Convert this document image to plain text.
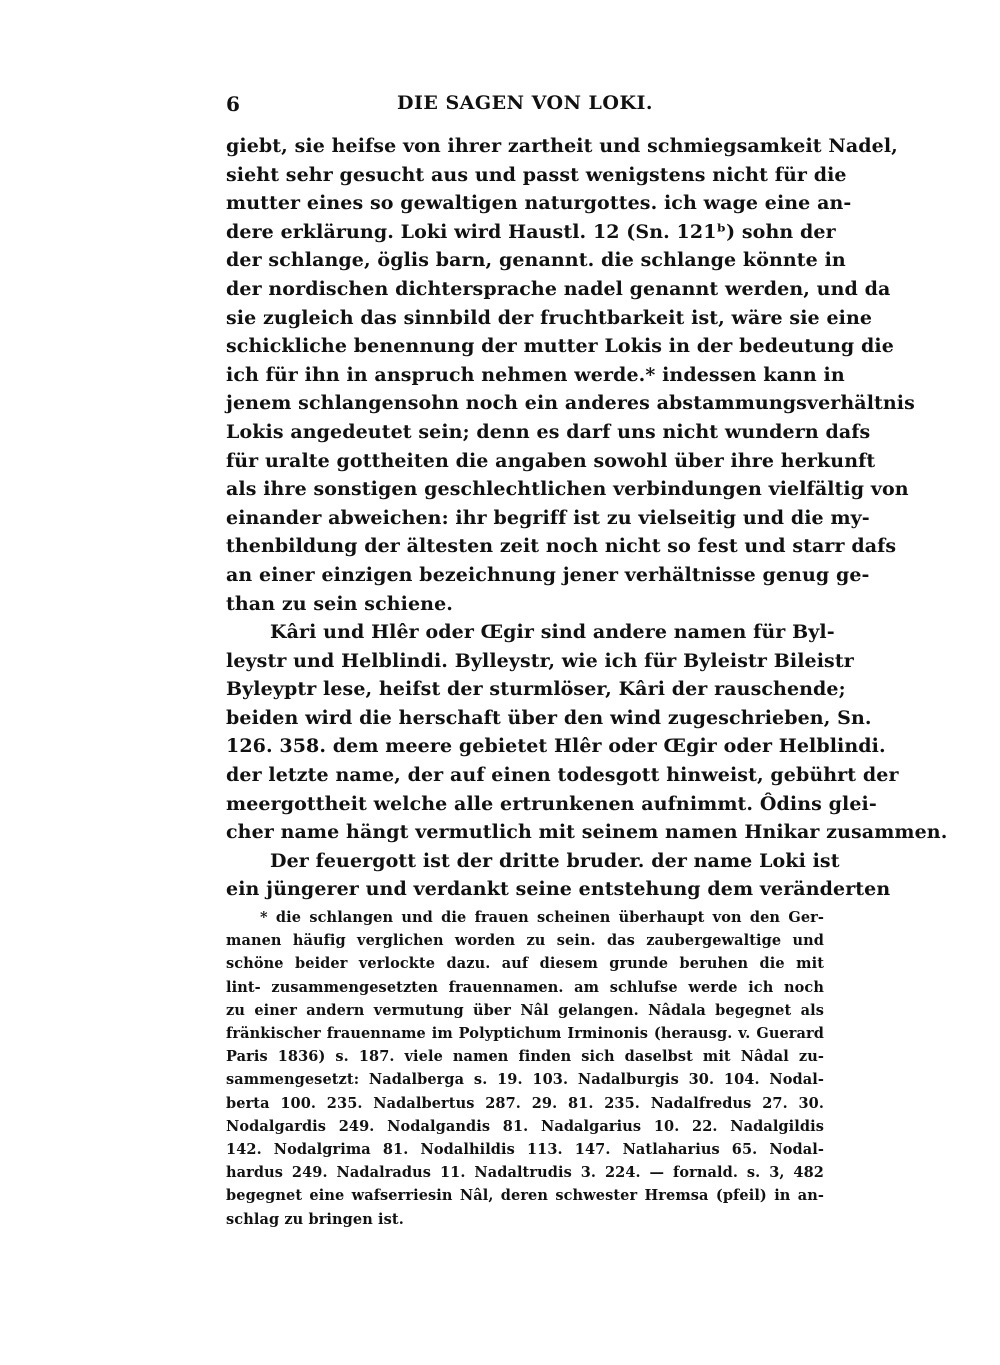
6	DIE SAGEN VON LOKI.
giebt, sie heifse von ihrer zartheit und schmiegsamkeit Nadel,
sieht sehr gesucht aus und passt wenigstens nicht für die
mutter eines so gewaltigen naturgottes. ich wage eine an-
dere erklärung. Loki wird Haustl. 12 (Sn. 121ᵇ) sohn der
der schlange, öglis barn, genannt. die schlange könnte in
der nordischen dichtersprache nadel genannt werden, und da
sie zugleich das sinnbild der fruchtbarkeit ist, wäre sie eine
schickliche benennung der mutter Lokis in der bedeutung die
ich für ihn in anspruch nehmen werde.* indessen kann in
jenem schlangensohn noch ein anderes abstammungsverhältnis
Lokis angedeutet sein; denn es darf uns nicht wundern dafs
für uralte gottheiten die angaben sowohl über ihre herkunft
als ihre sonstigen geschlechtlichen verbindungen vielfältig von
einander abweichen: ihr begriff ist zu vielseitig und die my-
thenbildung der ältesten zeit noch nicht so fest und starr dafs
an einer einzigen bezeichnung jener verhältnisse genug ge-
than zu sein schiene.
Kâri und Hlêr oder Œgir sind andere namen für Byl-
leystr und Helblindi. Bylleystr, wie ich für Byleistr Bileistr
Byleyptr lese, heifst der sturmlöser, Kâri der rauschende;
beiden wird die herschaft über den wind zugeschrieben, Sn.
126. 358. dem meere gebietet Hlêr oder Œgir oder Helblindi.
der letzte name, der auf einen todesgott hinweist, gebührt der
meergottheit welche alle ertrunkenen aufnimmt. Ôdins glei-
cher name hängt vermutlich mit seinem namen Hnikar zusammen.
Der feuergott ist der dritte bruder. der name Loki ist
ein jüngerer und verdankt seine entstehung dem veränderten
* die schlangen und die frauen scheinen überhaupt von den Ger-
manen häufig verglichen worden zu sein. das zaubergewaltige und
schöne beider verlockte dazu. auf diesem grunde beruhen die mit
lint- zusammengesetzten frauennamen. am schlufse werde ich noch
zu einer andern vermutung über Nâl gelangen. Nâdala begegnet als
fränkischer frauenname im Polyptichum Irminonis (herausg. v. Guerard
Paris 1836) s. 187. viele namen finden sich daselbst mit Nâdal zu-
sammengesetzt: Nadalberga s. 19. 103. Nadalburgis 30. 104. Nodal-
berta 100. 235. Nadalbertus 287. 29. 81. 235. Nadalfredus 27. 30.
Nodalgardis 249. Nodalgandis 81. Nadalgarius 10. 22. Nadalgildis
142. Nodalgrima 81. Nodalhildis 113. 147. Natlaharius 65. Nodal-
hardus 249. Nadalradus 11. Nadaltrudis 3. 224. — fornald. s. 3, 482
begegnet eine wafserriesin Nâl, deren schwester Hremsa (pfeil) in an-
schlag zu bringen ist.
